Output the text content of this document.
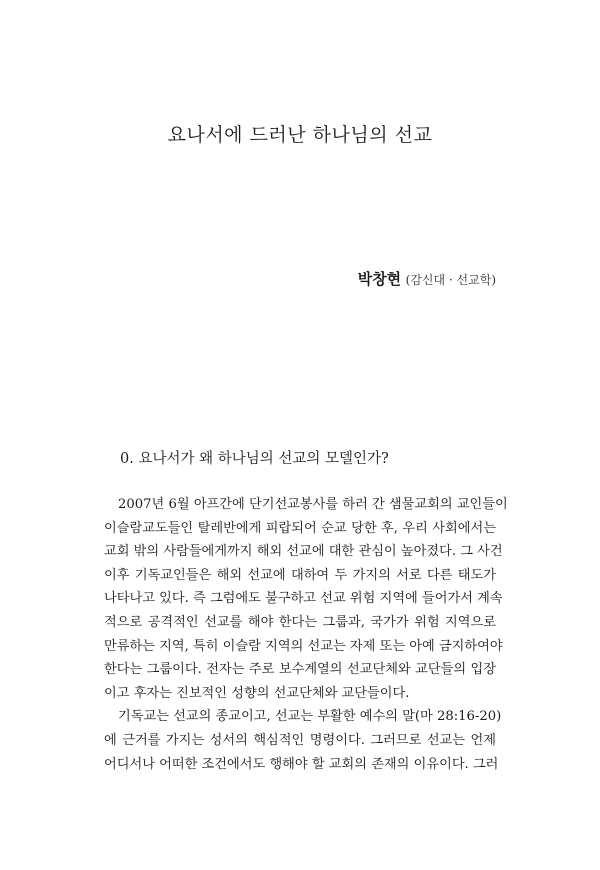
요나서에 드러난 하나님의 선교
박창현 (감신대 · 선교학)
0. 요나서가 왜 하나님의 선교의 모델인가?
2007년 6월 아프간에 단기선교봉사를 하러 간 샘물교회의 교인들이
이슬람교도들인 탈레반에게 피랍되어 순교 당한 후, 우리 사회에서는
교회 밖의 사람들에게까지 해외 선교에 대한 관심이 높아졌다. 그 사건
이후 기독교인들은 해외 선교에 대하여 두 가지의 서로 다른 태도가
나타나고 있다. 즉 그럼에도 불구하고 선교 위험 지역에 들어가서 계속
적으로 공격적인 선교를 해야 한다는 그룹과, 국가가 위험 지역으로
만류하는 지역, 특히 이슬람 지역의 선교는 자제 또는 아예 금지하여야
한다는 그룹이다. 전자는 주로 보수계열의 선교단체와 교단들의 입장
이고 후자는 진보적인 성향의 선교단체와 교단들이다.
기독교는 선교의 종교이고, 선교는 부활한 예수의 말(마 28:16-20)
에 근거를 가지는 성서의 핵심적인 명령이다. 그러므로 선교는 언제
어디서나 어떠한 조건에서도 행해야 할 교회의 존재의 이유이다. 그러
